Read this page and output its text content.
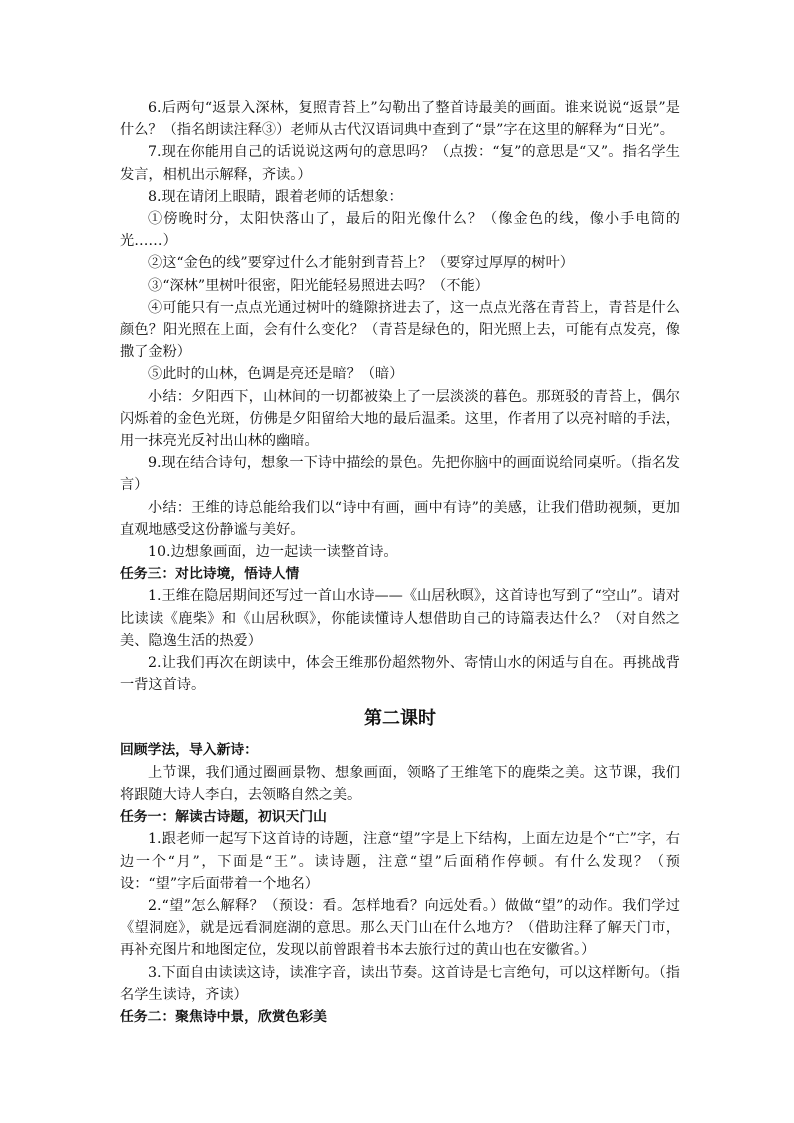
6.后两句“返景入深林，复照青苔上”勾勒出了整首诗最美的画面。谁来说说“返景”是什么？（指名朗读注释③）老师从古代汉语词典中查到了“景”字在这里的解释为“日光”。

7.现在你能用自己的话说说这两句的意思吗？（点拨：“复”的意思是“又”。指名学生发言，相机出示解释，齐读。）

8.现在请闭上眼睛，跟着老师的话想象：

①傍晚时分，太阳快落山了，最后的阳光像什么？（像金色的线，像小手电筒的光……）

②这“金色的线”要穿过什么才能射到青苔上？（要穿过厚厚的树叶）

③“深林”里树叶很密，阳光能轻易照进去吗？（不能）

④可能只有一点点光通过树叶的缝隙挤进去了，这一点点光落在青苔上，青苔是什么颜色？阳光照在上面，会有什么变化？（青苔是绿色的，阳光照上去，可能有点发亮，像撒了金粉）

⑤此时的山林，色调是亮还是暗？（暗）

小结：夕阳西下，山林间的一切都被染上了一层淡淡的暮色。那斑驳的青苔上，偶尔闪烁着的金色光斑，仿佛是夕阳留给大地的最后温柔。这里，作者用了以亮衬暗的手法，用一抹亮光反衬出山林的幽暗。

9.现在结合诗句，想象一下诗中描绘的景色。先把你脑中的画面说给同桌听。（指名发言）

小结：王维的诗总能给我们以“诗中有画，画中有诗”的美感，让我们借助视频，更加直观地感受这份静谧与美好。

10.边想象画面，边一起读一读整首诗。

任务三：对比诗境，悟诗人情

1.王维在隐居期间还写过一首山水诗——《山居秋暝》，这首诗也写到了“空山”。请对比读读《鹿柴》和《山居秋暝》，你能读懂诗人想借助自己的诗篇表达什么？（对自然之美、隐逸生活的热爱）

2.让我们再次在朗读中，体会王维那份超然物外、寄情山水的闲适与自在。再挑战背一背这首诗。

第二课时

回顾学法，导入新诗：

上节课，我们通过圈画景物、想象画面，领略了王维笔下的鹿柴之美。这节课，我们将跟随大诗人李白，去领略自然之美。

任务一：解读古诗题，初识天门山

1.跟老师一起写下这首诗的诗题，注意“望”字是上下结构，上面左边是个“亡”字，右边一个“月”，下面是“王”。读诗题，注意“望”后面稍作停顿。有什么发现？（预设：“望”字后面带着一个地名）

2.“望”怎么解释？（预设：看。怎样地看？向远处看。）做做“望”的动作。我们学过《望洞庭》，就是远看洞庭湖的意思。那么天门山在什么地方？（借助注释了解天门市，再补充图片和地图定位，发现以前曾跟着书本去旅行过的黄山也在安徽省。）

3.下面自由读读这诗，读准字音，读出节奏。这首诗是七言绝句，可以这样断句。（指名学生读诗，齐读）

任务二：聚焦诗中景，欣赏色彩美
